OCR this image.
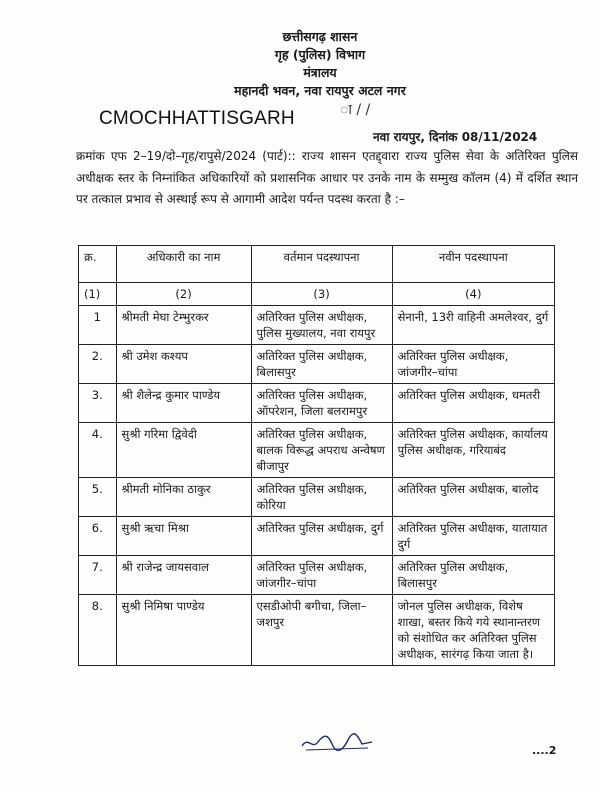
छत्तीसगढ़ शासन
गृह (पुलिस) विभाग
मंत्रालय
महानदी भवन, नवा रायपुर अटल नगर
CMOCHHATTISGARH	ा / /
नवा रायपुर, दिनांक 08/11/2024
क्रमांक एफ 2–19/दो–गृह/रापुसे/2024 (पार्ट):: राज्य शासन एतद्द्वारा राज्य पुलिस सेवा के अतिरिक्त पुलिस अधीक्षक स्तर के निम्नांकित अधिकारियों को प्रशासनिक आधार पर उनके नाम के सम्मुख कॉलम (4) में दर्शित स्थान पर तत्काल प्रभाव से अस्थाई रूप से आगामी आदेश पर्यन्त पदस्थ करता है :–
क्र.	अधिकारी का नाम	वर्तमान पदस्थापना	नवीन पदस्थापना
(1)	(2)	(3)	(4)
1	श्रीमती मेघा टेम्भुरकर	अतिरिक्त पुलिस अधीक्षक, पुलिस मुख्यालय, नवा रायपुर	सेनानी, 13री वाहिनी अमलेश्वर, दुर्ग
2.	श्री उमेश कश्यप	अतिरिक्त पुलिस अधीक्षक, बिलासपुर	अतिरिक्त पुलिस अधीक्षक, जांजगीर–चांपा
3.	श्री शैलेन्द्र कुमार पाण्डेय	अतिरिक्त पुलिस अधीक्षक, ऑपरेशन, जिला बलरामपुर	अतिरिक्त पुलिस अधीक्षक, धमतरी
4.	सुश्री गरिमा द्विवेदी	अतिरिक्त पुलिस अधीक्षक, बालक विरूद्ध अपराध अन्वेषण बीजापुर	अतिरिक्त पुलिस अधीक्षक, कार्यालय पुलिस अधीक्षक, गरियाबंद
5.	श्रीमती मोनिका ठाकुर	अतिरिक्त पुलिस अधीक्षक, कोरिया	अतिरिक्त पुलिस अधीक्षक, बालोद
6.	सुश्री ऋचा मिश्रा	अतिरिक्त पुलिस अधीक्षक, दुर्ग	अतिरिक्त पुलिस अधीक्षक, यातायात दुर्ग
7.	श्री राजेन्द्र जायसवाल	अतिरिक्त पुलिस अधीक्षक, जांजगीर–चांपा	अतिरिक्त पुलिस अधीक्षक, बिलासपुर
8.	सुश्री निमिषा पाण्डेय	एसडीओपी बगीचा, जिला–जशपुर	जोनल पुलिस अधीक्षक, विशेष शाखा, बस्तर किये गये स्थानान्तरण को संशोधित कर अतिरिक्त पुलिस अधीक्षक, सारंगढ़ किया जाता है।
....2
